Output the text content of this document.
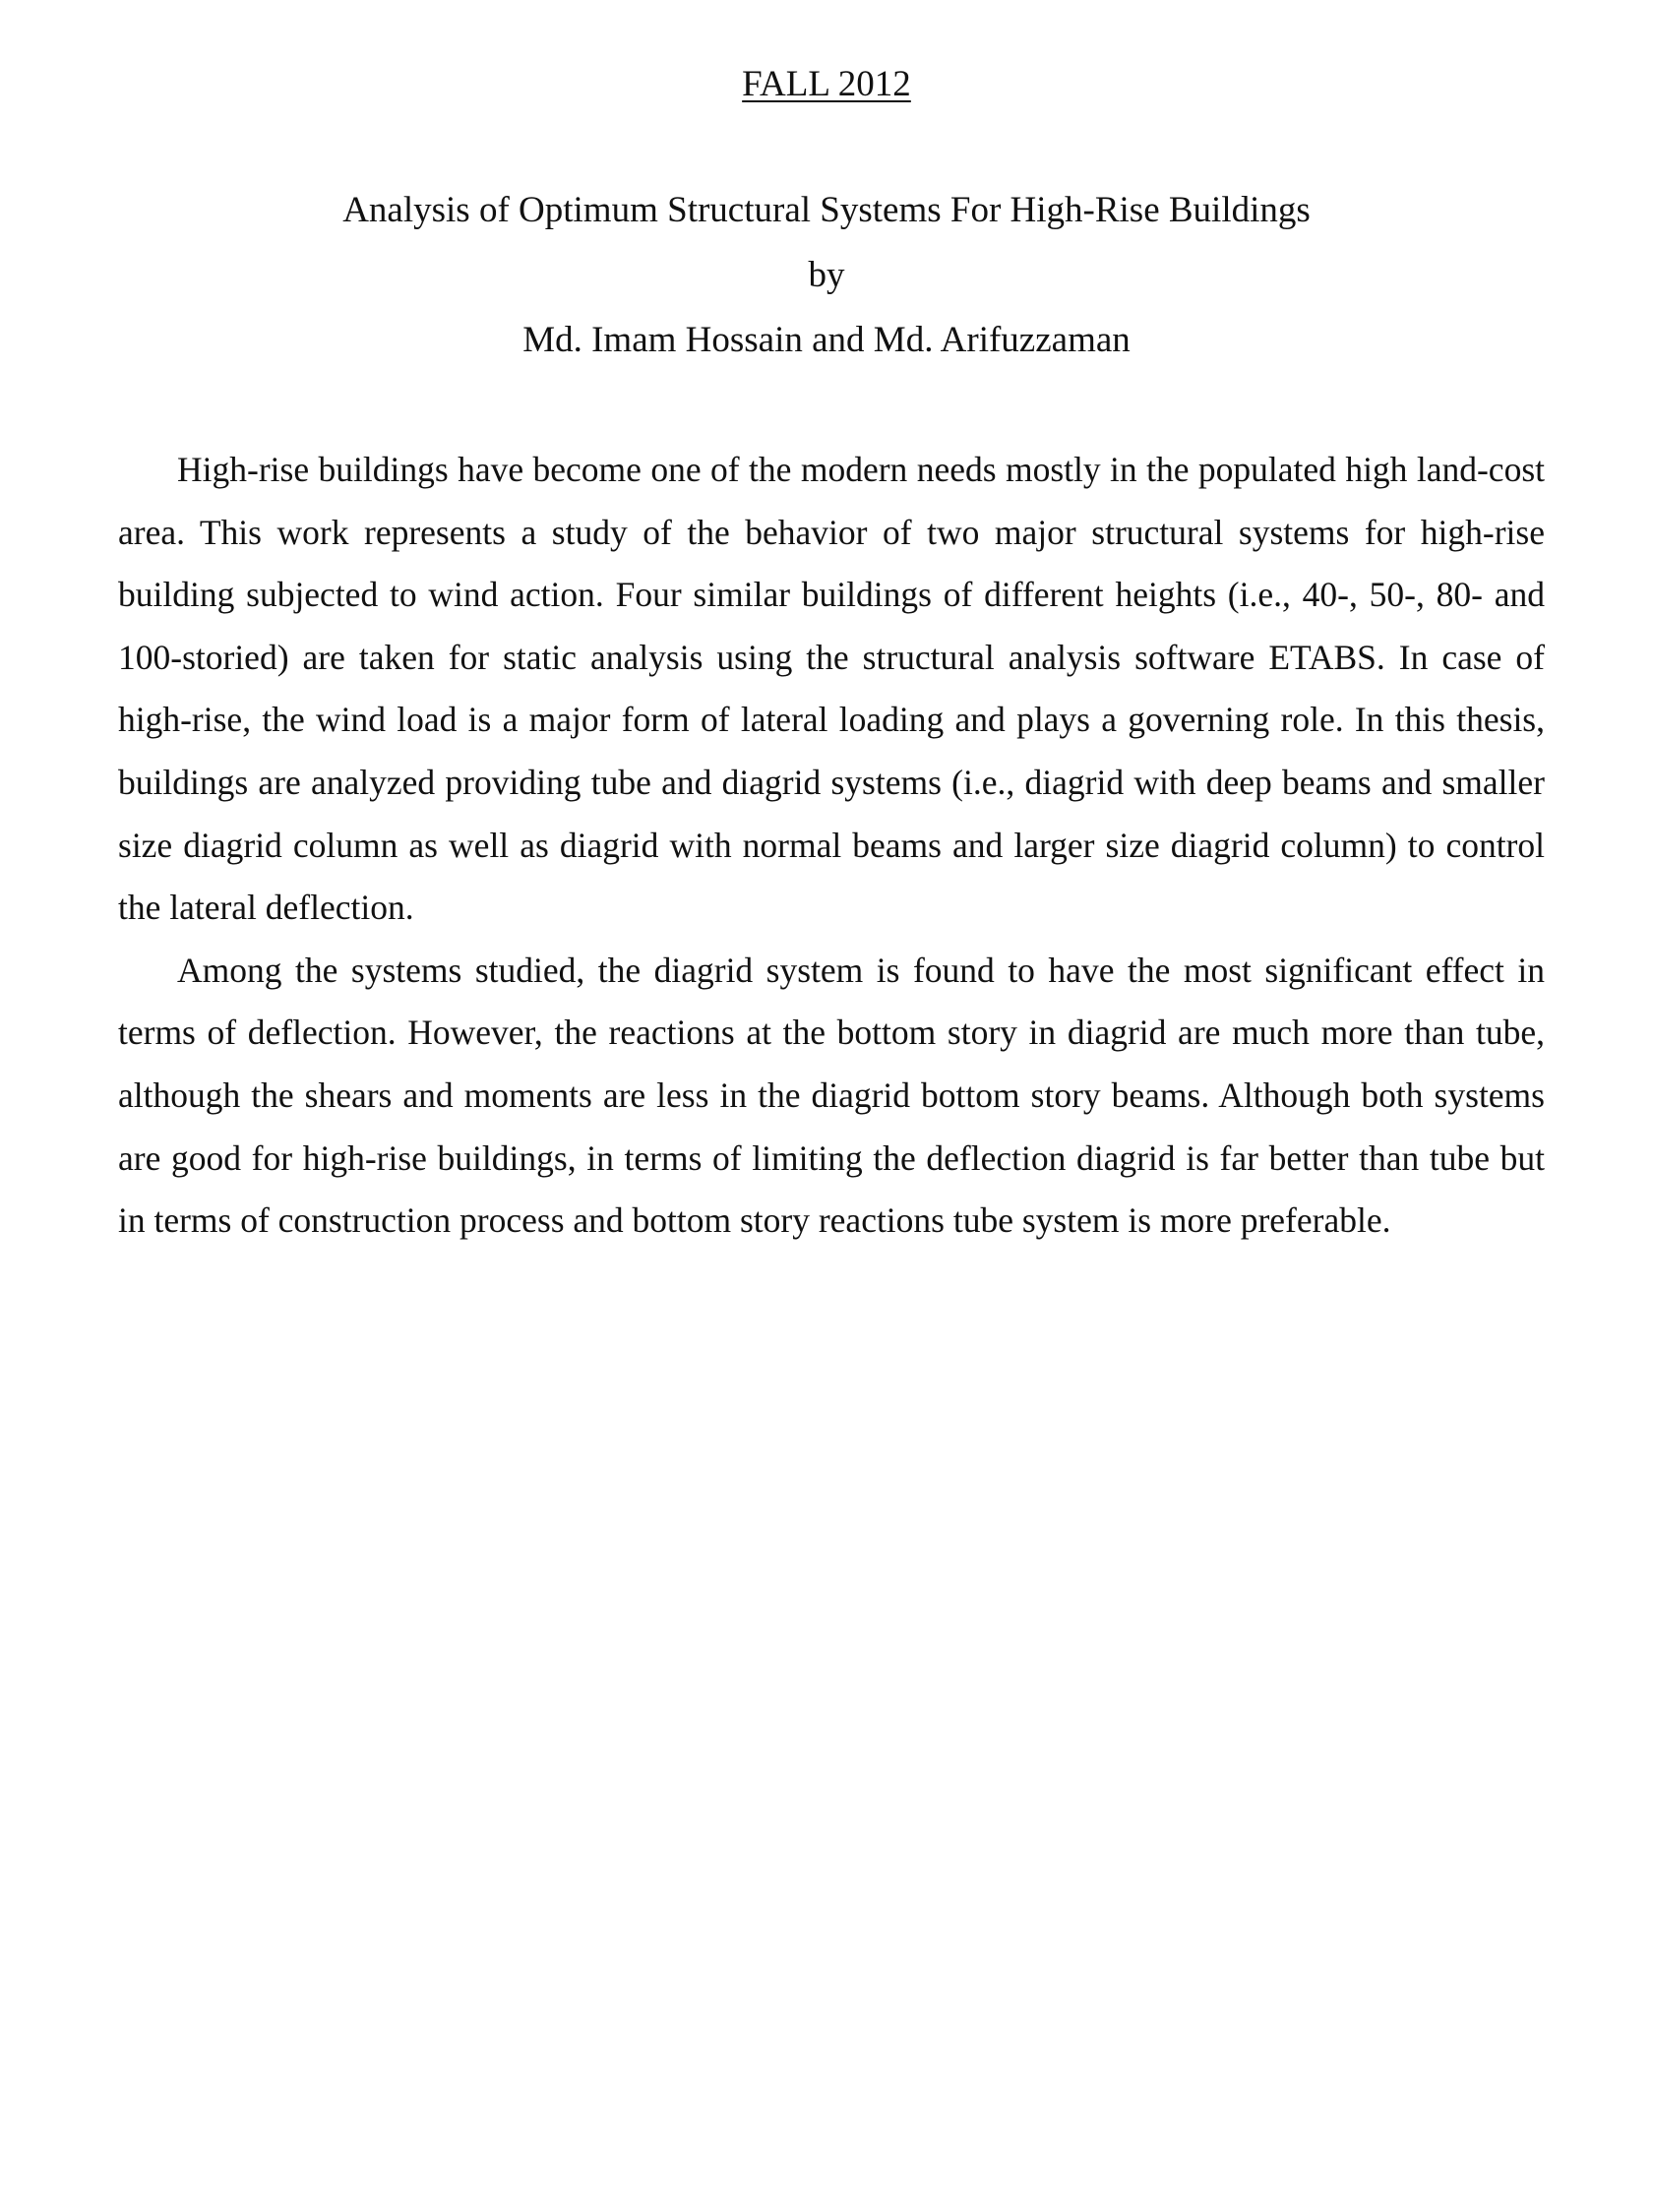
FALL 2012
Analysis of Optimum Structural Systems For High-Rise Buildings
by
Md. Imam Hossain and Md. Arifuzzaman

High-rise buildings have become one of the modern needs mostly in the populated high land-cost area. This work represents a study of the behavior of two major structural systems for high-rise building subjected to wind action. Four similar buildings of different heights (i.e., 40-, 50-, 80- and 100-storied) are taken for static analysis using the structural analysis software ETABS. In case of high-rise, the wind load is a major form of lateral loading and plays a governing role. In this thesis, buildings are analyzed providing tube and diagrid systems (i.e., diagrid with deep beams and smaller size diagrid column as well as diagrid with normal beams and larger size diagrid column) to control the lateral deflection.

Among the systems studied, the diagrid system is found to have the most significant effect in terms of deflection. However, the reactions at the bottom story in diagrid are much more than tube, although the shears and moments are less in the diagrid bottom story beams. Although both systems are good for high-rise buildings, in terms of limiting the deflection diagrid is far better than tube but in terms of construction process and bottom story reactions tube system is more preferable.
